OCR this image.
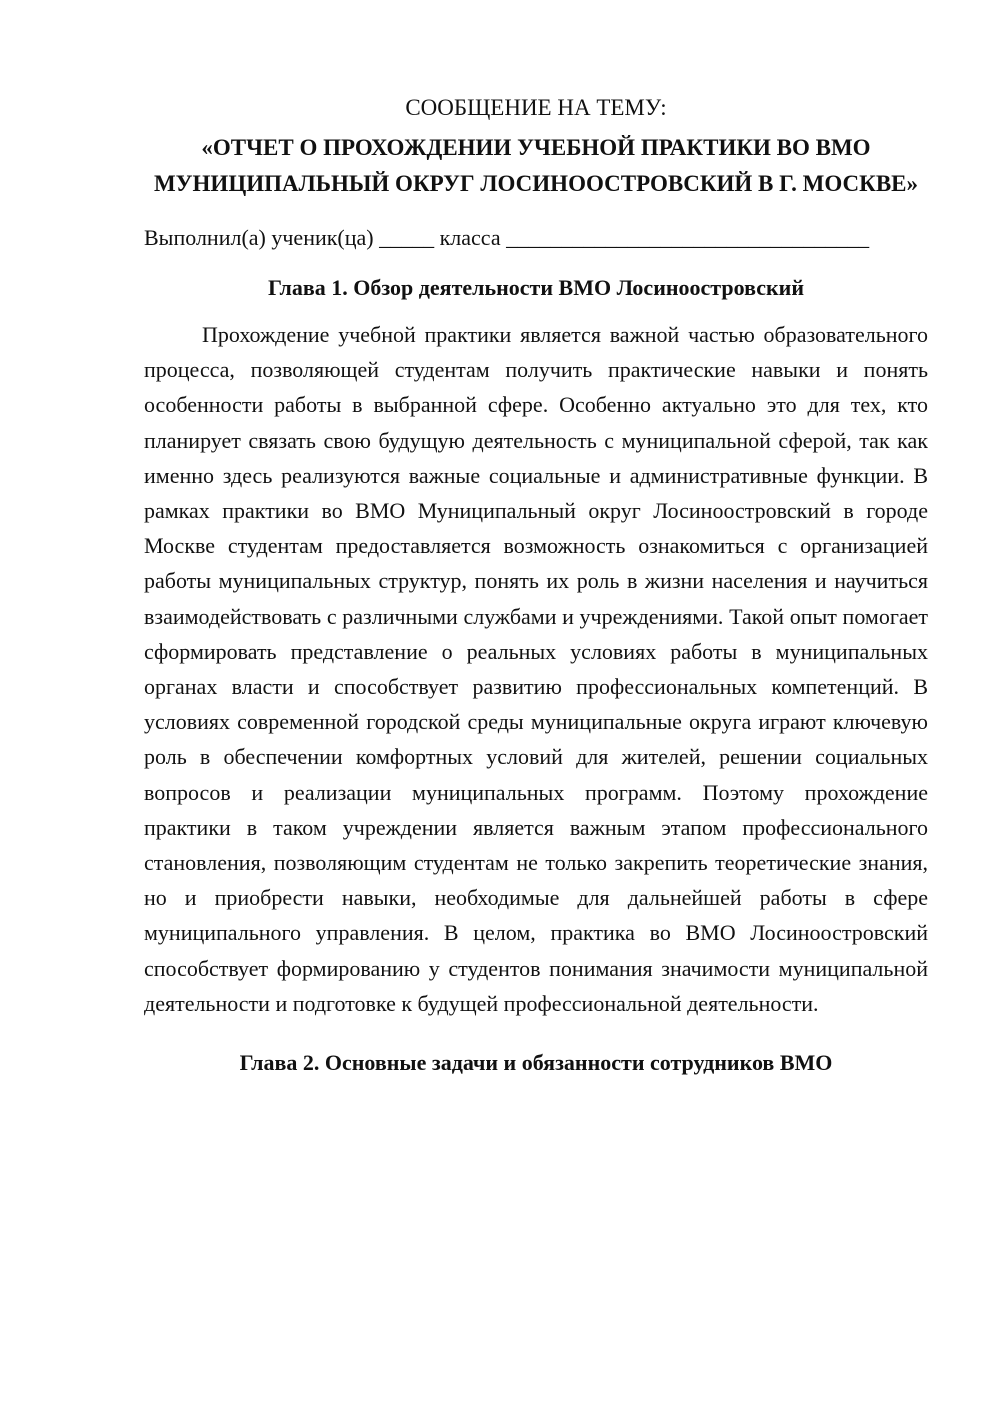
СООБЩЕНИЕ НА ТЕМУ:

«ОТЧЕТ О ПРОХОЖДЕНИИ УЧЕБНОЙ ПРАКТИКИ ВО ВМО МУНИЦИПАЛЬНЫЙ ОКРУГ ЛОСИНООСТРОВСКИЙ В Г. МОСКВЕ»

Выполнил(а) ученик(ца) _____ класса _________________________________

Глава 1. Обзор деятельности ВМО Лосиноостровский

Прохождение учебной практики является важной частью образовательного процесса, позволяющей студентам получить практические навыки и понять особенности работы в выбранной сфере. Особенно актуально это для тех, кто планирует связать свою будущую деятельность с муниципальной сферой, так как именно здесь реализуются важные социальные и административные функции. В рамках практики во ВМО Муниципальный округ Лосиноостровский в городе Москве студентам предоставляется возможность ознакомиться с организацией работы муниципальных структур, понять их роль в жизни населения и научиться взаимодействовать с различными службами и учреждениями. Такой опыт помогает сформировать представление о реальных условиях работы в муниципальных органах власти и способствует развитию профессиональных компетенций. В условиях современной городской среды муниципальные округа играют ключевую роль в обеспечении комфортных условий для жителей, решении социальных вопросов и реализации муниципальных программ. Поэтому прохождение практики в таком учреждении является важным этапом профессионального становления, позволяющим студентам не только закрепить теоретические знания, но и приобрести навыки, необходимые для дальнейшей работы в сфере муниципального управления. В целом, практика во ВМО Лосиноостровский способствует формированию у студентов понимания значимости муниципальной деятельности и подготовке к будущей профессиональной деятельности.

Глава 2. Основные задачи и обязанности сотрудников ВМО
